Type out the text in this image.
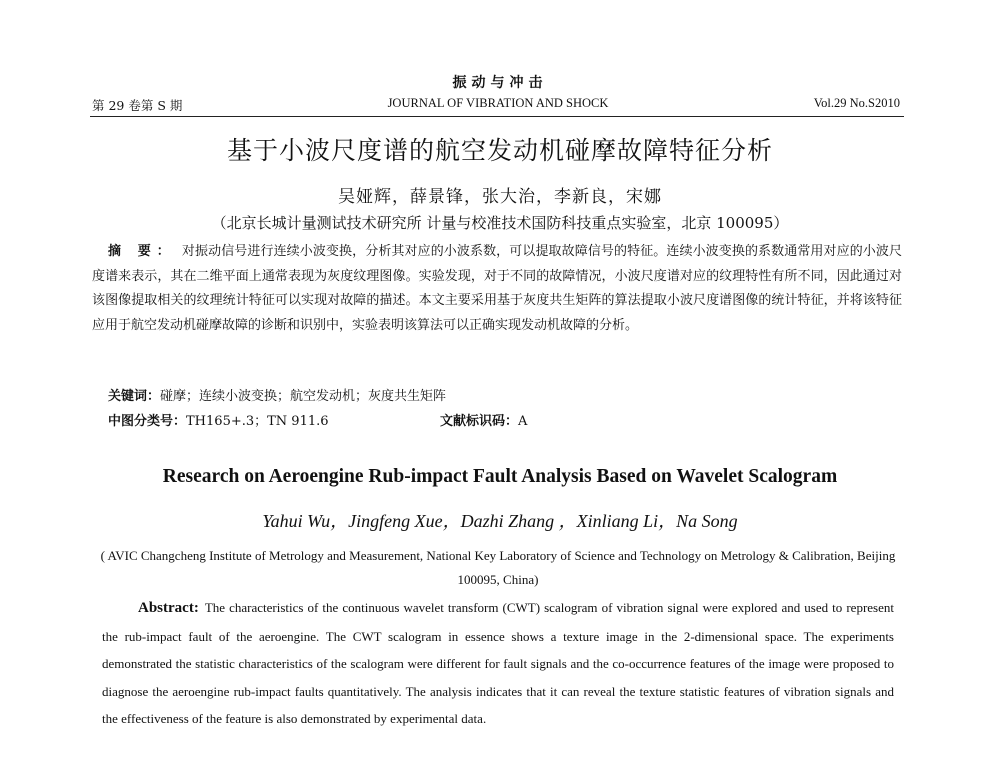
振动与冲击
第 29 卷第 S 期	JOURNAL OF VIBRATION AND SHOCK	Vol.29 No.S2010
基于小波尺度谱的航空发动机碰摩故障特征分析
吴娅辉，薛景锋，张大治，李新良，宋娜
（北京长城计量测试技术研究所 计量与校准技术国防科技重点实验室，北京 100095）
摘 要： 对振动信号进行连续小波变换，分析其对应的小波系数，可以提取故障信号的特征。连续小波变换的系数通常用对应的小波尺度谱来表示，其在二维平面上通常表现为灰度纹理图像。实验发现，对于不同的故障情况，小波尺度谱对应的纹理特性有所不同，因此通过对该图像提取相关的纹理统计特征可以实现对故障的描述。本文主要采用基于灰度共生矩阵的算法提取小波尺度谱图像的统计特征，并将该特征应用于航空发动机碰摩故障的诊断和识别中，实验表明该算法可以正确实现发动机故障的分析。
关键词：碰摩；连续小波变换；航空发动机；灰度共生矩阵
中图分类号：TH165+.3；TN 911.6	文献标识码：A
Research on Aeroengine Rub-impact Fault Analysis Based on Wavelet Scalogram
Yahui Wu，Jingfeng Xue，Dazhi Zhang ，Xinliang Li，Na Song
( AVIC Changcheng Institute of Metrology and Measurement, National Key Laboratory of Science and Technology on Metrology & Calibration, Beijing 100095, China)
Abstract: The characteristics of the continuous wavelet transform (CWT) scalogram of vibration signal were explored and used to represent the rub-impact fault of the aeroengine. The CWT scalogram in essence shows a texture image in the 2-dimensional space. The experiments demonstrated the statistic characteristics of the scalogram were different for fault signals and the co-occurrence features of the image were proposed to diagnose the aeroengine rub-impact faults quantitatively. The analysis indicates that it can reveal the texture statistic features of vibration signals and the effectiveness of the feature is also demonstrated by experimental data.
